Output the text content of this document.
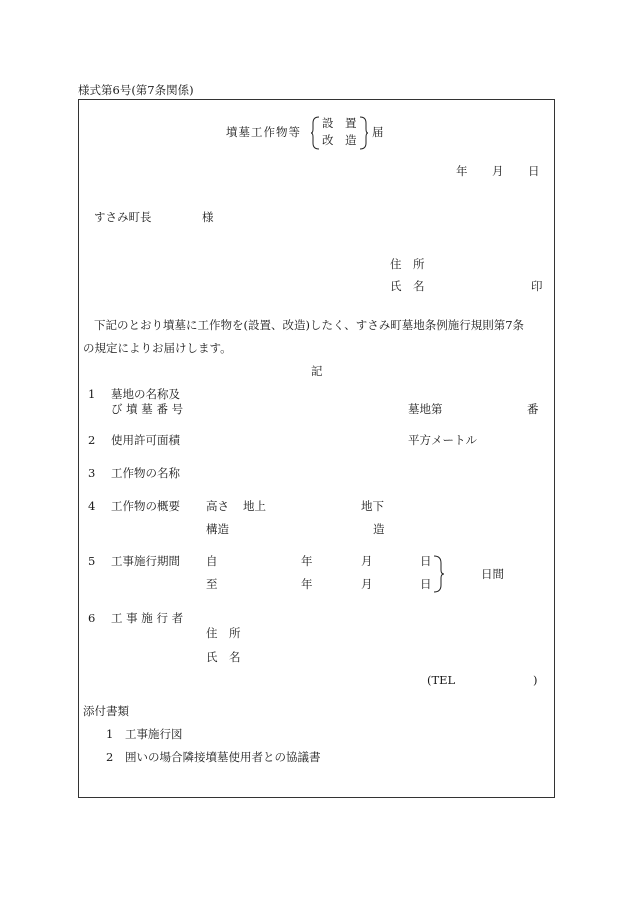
様式第6号(第7条関係)
墳墓工作物等
設　置
改　造
届
年 月 日
すさみ町長	様
住　所
氏　名	印
下記のとおり墳墓に工作物を(設置、改造)したく、すさみ町墓地条例施行規則第7条
の規定によりお届けします。
記
1 墓地の名称及
び 墳 墓 番 号	墓地第	番
2 使用許可面積	平方メートル
3 工作物の名称
4 工作物の概要 高さ 地上	地下
構造	造
5 工事施行期間 自	年	月	日
至	年	月	日
日間
6 工 事 施 行 者
住　所
氏　名
(TEL	)
添付書類
1 工事施行図
2 囲いの場合隣接墳墓使用者との協議書
